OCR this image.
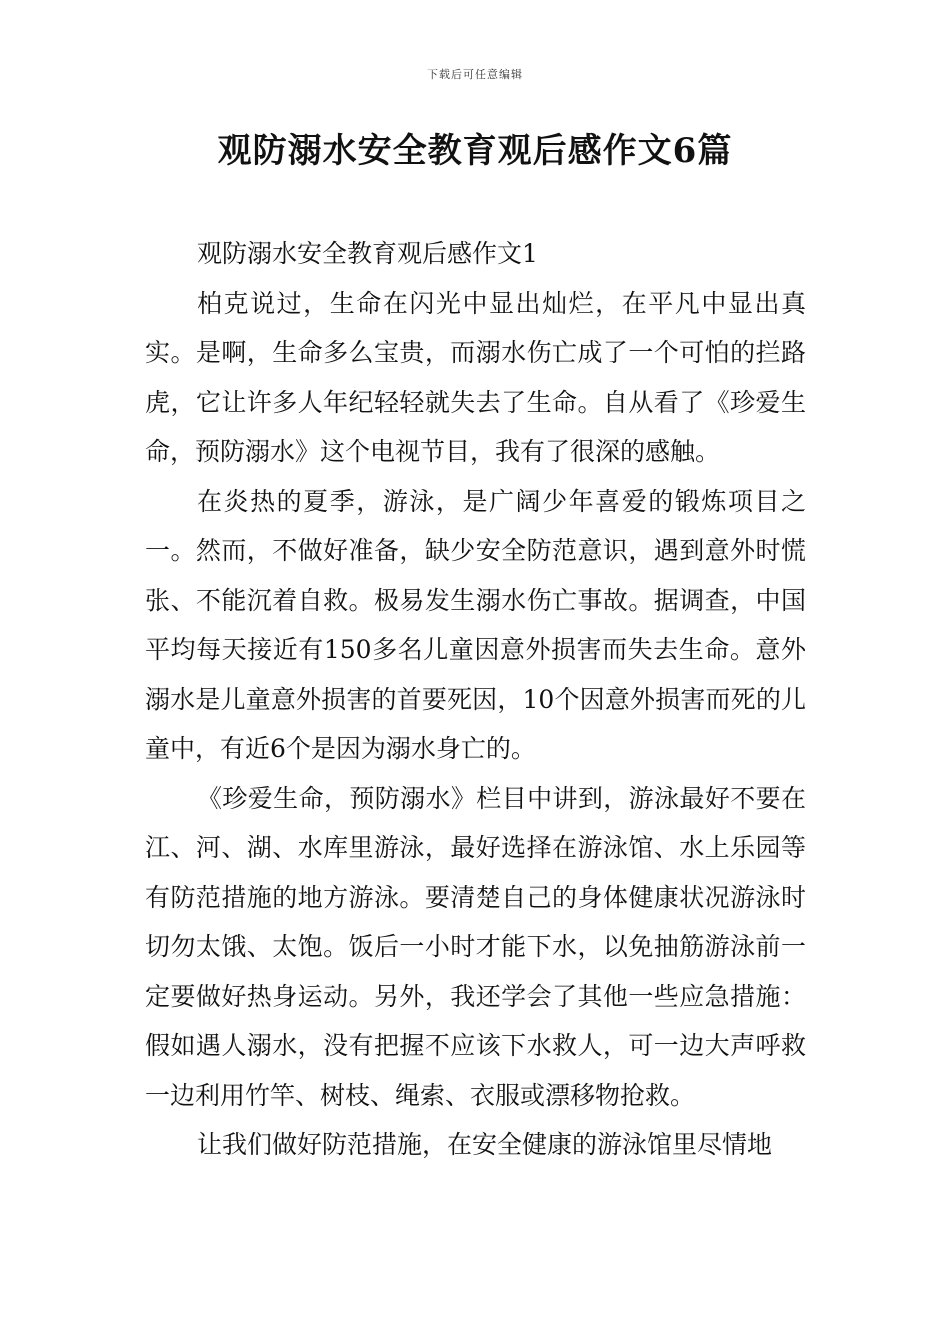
下载后可任意编辑
观防溺水安全教育观后感作文6篇

观防溺水安全教育观后感作文1

柏克说过，生命在闪光中显出灿烂，在平凡中显出真实。是啊，生命多么宝贵，而溺水伤亡成了一个可怕的拦路虎，它让许多人年纪轻轻就失去了生命。自从看了《珍爱生命，预防溺水》这个电视节目，我有了很深的感触。

在炎热的夏季，游泳，是广阔少年喜爱的锻炼项目之一。然而，不做好准备，缺少安全防范意识，遇到意外时慌张、不能沉着自救。极易发生溺水伤亡事故。据调查，中国平均每天接近有150多名儿童因意外损害而失去生命。意外溺水是儿童意外损害的首要死因，10个因意外损害而死的儿童中，有近6个是因为溺水身亡的。

《珍爱生命，预防溺水》栏目中讲到，游泳最好不要在江、河、湖、水库里游泳，最好选择在游泳馆、水上乐园等有防范措施的地方游泳。要清楚自己的身体健康状况游泳时切勿太饿、太饱。饭后一小时才能下水，以免抽筋游泳前一定要做好热身运动。另外，我还学会了其他一些应急措施：假如遇人溺水，没有把握不应该下水救人，可一边大声呼救一边利用竹竿、树枝、绳索、衣服或漂移物抢救。

让我们做好防范措施，在安全健康的游泳馆里尽情地
